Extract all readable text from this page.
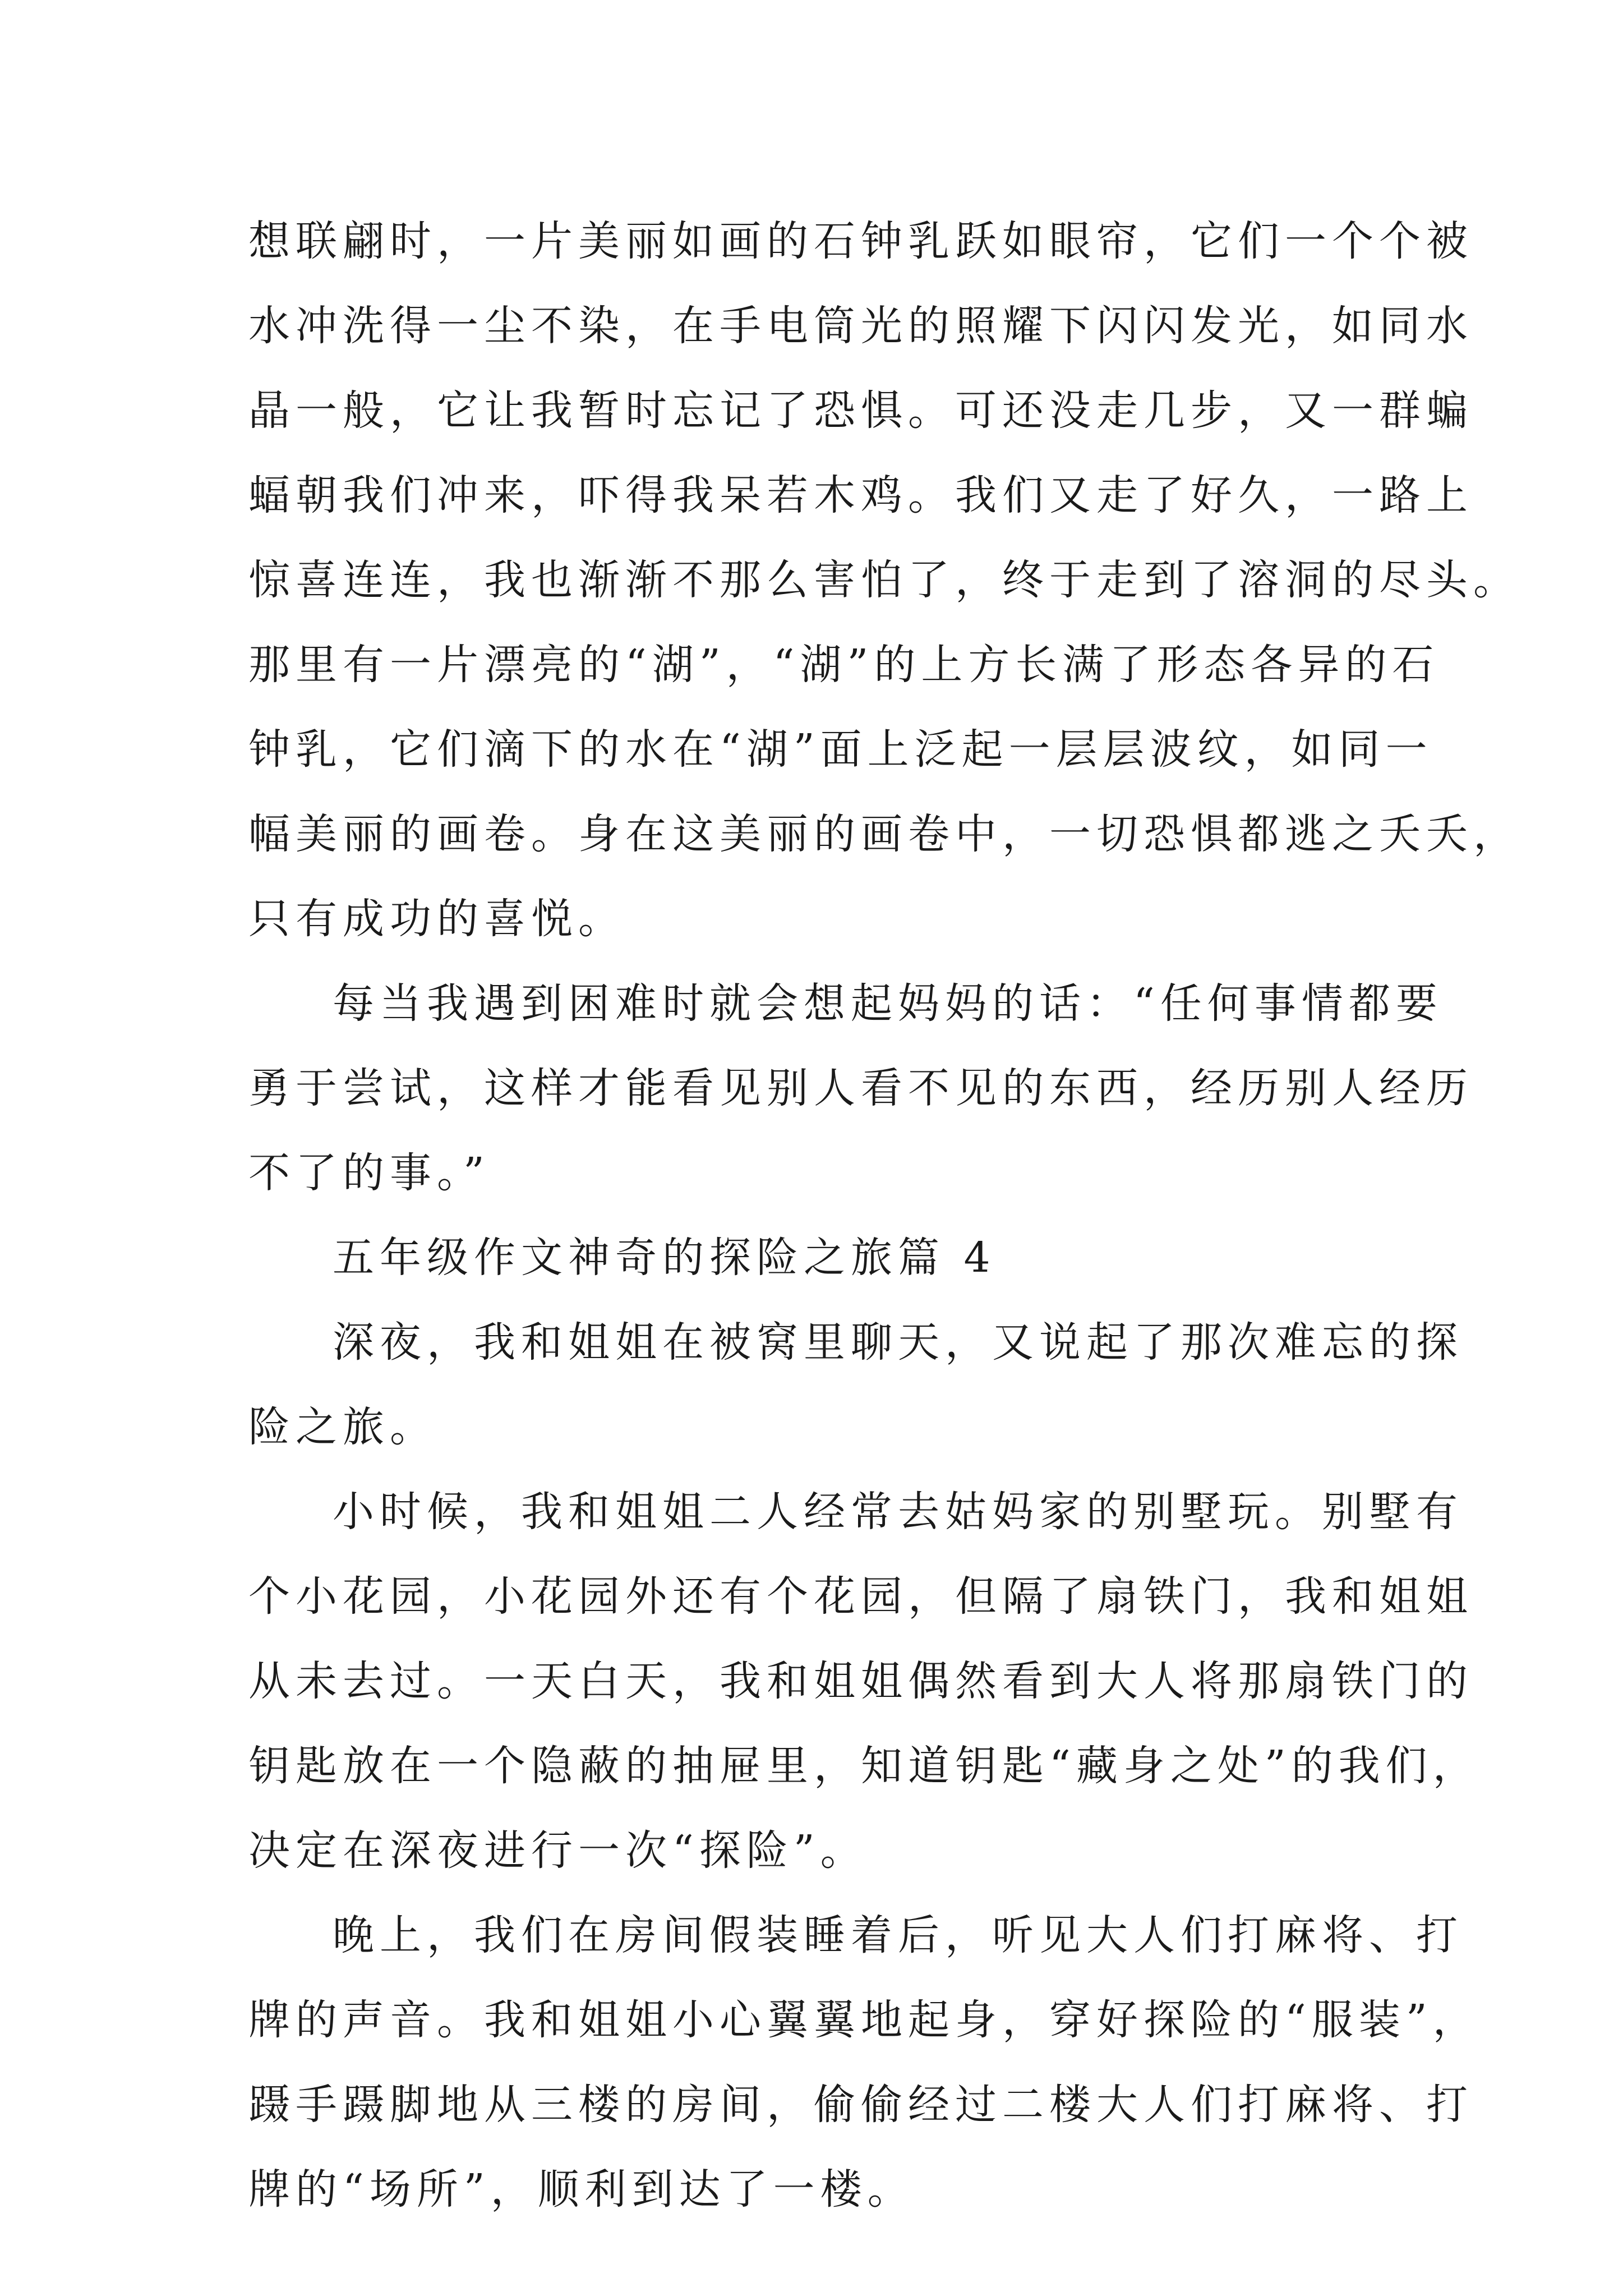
想联翩时，一片美丽如画的石钟乳跃如眼帘，它们一个个被
水冲洗得一尘不染，在手电筒光的照耀下闪闪发光，如同水
晶一般，它让我暂时忘记了恐惧。可还没走几步，又一群蝙
蝠朝我们冲来，吓得我呆若木鸡。我们又走了好久，一路上
惊喜连连，我也渐渐不那么害怕了，终于走到了溶洞的尽头。
那里有一片漂亮的“湖”，“湖”的上方长满了形态各异的石
钟乳，它们滴下的水在“湖”面上泛起一层层波纹，如同一
幅美丽的画卷。身在这美丽的画卷中，一切恐惧都逃之夭夭，
只有成功的喜悦。
每当我遇到困难时就会想起妈妈的话：“任何事情都要
勇于尝试，这样才能看见别人看不见的东西，经历别人经历
不了的事。”
五年级作文神奇的探险之旅篇 4
深夜，我和姐姐在被窝里聊天，又说起了那次难忘的探
险之旅。
小时候，我和姐姐二人经常去姑妈家的别墅玩。别墅有
个小花园，小花园外还有个花园，但隔了扇铁门，我和姐姐
从未去过。一天白天，我和姐姐偶然看到大人将那扇铁门的
钥匙放在一个隐蔽的抽屉里，知道钥匙“藏身之处”的我们，
决定在深夜进行一次“探险”。
晚上，我们在房间假装睡着后，听见大人们打麻将、打
牌的声音。我和姐姐小心翼翼地起身，穿好探险的“服装”，
蹑手蹑脚地从三楼的房间，偷偷经过二楼大人们打麻将、打
牌的“场所”，顺利到达了一楼。
